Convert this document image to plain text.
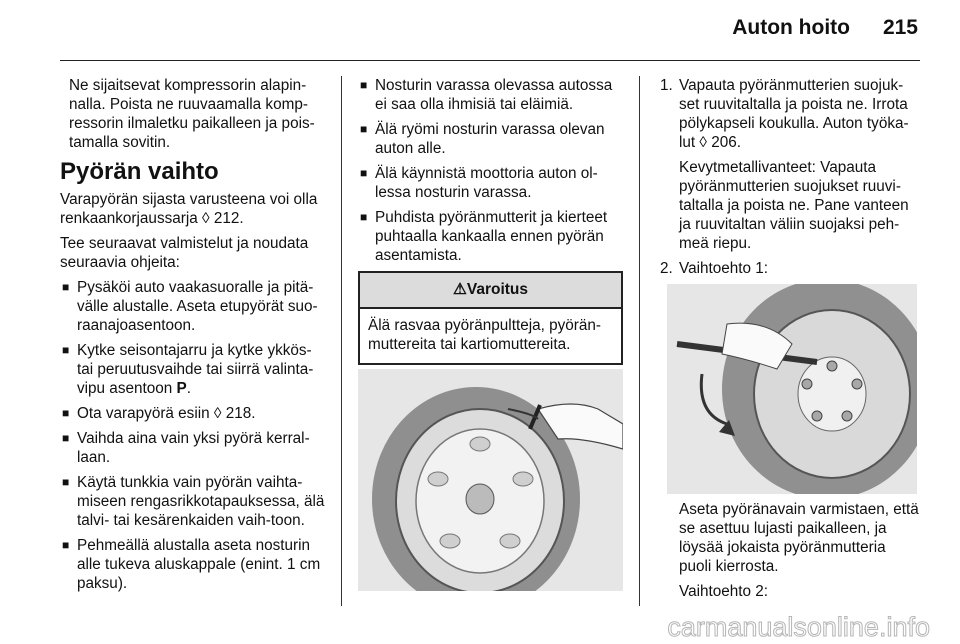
Auton hoito	215

Ne sijaitsevat kompressorin alapin-nalla. Poista ne ruuvaamalla komp-ressorin ilmaletku paikalleen ja pois-tamalla sovitin.

Pyörän vaihto

Varapyörän sijasta varusteena voi olla renkaankorjaussarja ◊ 212.

Tee seuraavat valmistelut ja noudata seuraavia ohjeita:

■ Pysäköi auto vaakasuoralle ja pitä-välle alustalle. Aseta etupyörät suo-raanajoasentoon.
■ Kytke seisontajarru ja kytke ykkös- tai peruutusvaihde tai siirrä valinta-vipu asentoon P.
■ Ota varapyörä esiin ◊ 218.
■ Vaihda aina vain yksi pyörä kerral-laan.
■ Käytä tunkkia vain pyörän vaihta-miseen rengasrikkotapauksessa, älä talvi- tai kesärenkaiden vaih-toon.
■ Pehmeällä alustalla aseta nosturin alle tukeva aluskappale (enint. 1 cm paksu).
■ Nosturin varassa olevassa autossa ei saa olla ihmisiä tai eläimiä.
■ Älä ryömi nosturin varassa olevan auton alle.
■ Älä käynnistä moottoria auton ol-lessa nosturin varassa.
■ Puhdista pyöränmutterit ja kierteet puhtaalla kankaalla ennen pyörän asentamista.
⚠Varoitus
Älä rasvaa pyöränpultteja, pyörän-muttereita tai kartiomuttereita.
1. Vapauta pyöränmutterien suojuk-set ruuvitaltalla ja poista ne. Irrota pölykapseli koukulla. Auton työka-lut ◊ 206.

Kevytmetallivanteet: Vapauta pyöränmutterien suojukset ruuvi-taltalla ja poista ne. Pane vanteen ja ruuvitaltan väliin suojaksi peh-meä riepu.

2. Vaihtoehto 1:

Aseta pyöränavain varmistaen, että se asettuu lujasti paikalleen, ja löysää jokaista pyöränmutteria puoli kierrosta.

Vaihtoehto 2:

carmanualsonline.info
